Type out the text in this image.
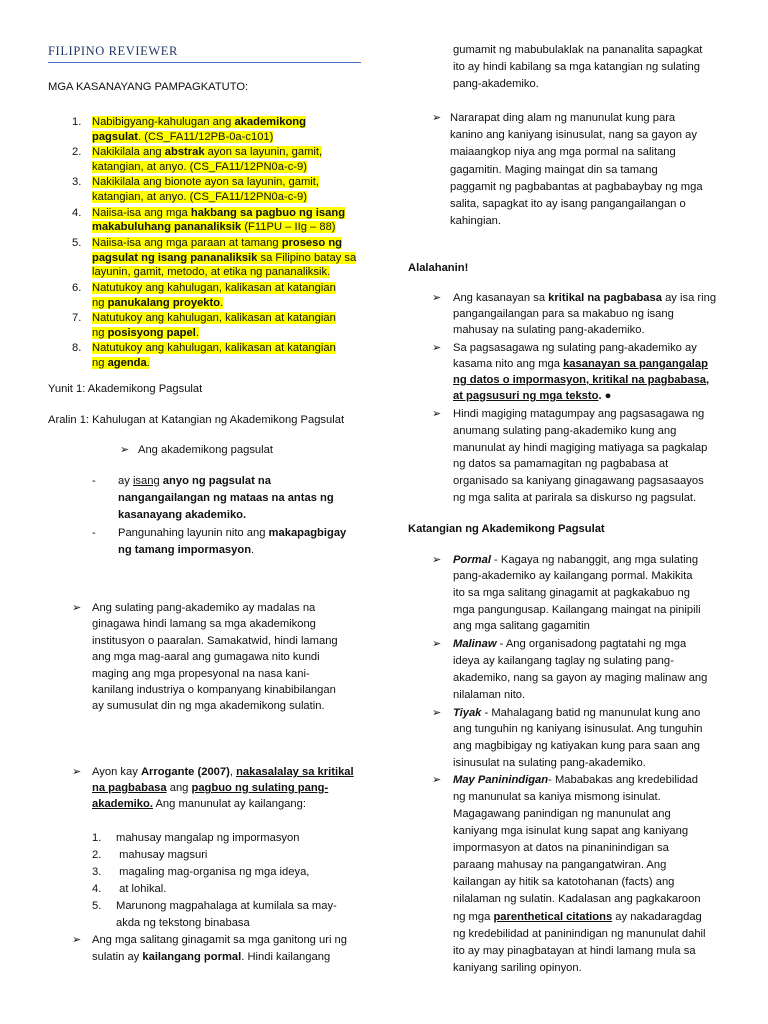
FILIPINO REVIEWER
MGA KASANAYANG PAMPAGKATUTO:
1. Nabibigyang-kahulugan ang akademikong
pagsulat. (CS_FA11/12PB-0a-c101)
2. Nakikilala ang abstrak ayon sa layunin, gamit,
katangian, at anyo. (CS_FA11/12PN0a-c-9)
3. Nakikilala ang bionote ayon sa layunin, gamit,
katangian, at anyo. (CS_FA11/12PN0a-c-9)
4. Naiisa-isa ang mga hakbang sa pagbuo ng isang
makabuluhang pananaliksik (F11PU – IIg – 88)
5. Naiisa-isa ang mga paraan at tamang proseso ng
pagsulat ng isang pananaliksik sa Filipino batay sa
layunin, gamit, metodo, at etika ng pananaliksik.
6. Natutukoy ang kahulugan, kalikasan at katangian
ng panukalang proyekto.
7. Natutukoy ang kahulugan, kalikasan at katangian
ng posisyong papel.
8. Natutukoy ang kahulugan, kalikasan at katangian
ng agenda.
Yunit 1: Akademikong Pagsulat
Aralin 1: Kahulugan at Katangian ng Akademikong Pagsulat
➢ Ang akademikong pagsulat
- ay isang anyo ng pagsulat na
nangangailangan ng mataas na antas ng
kasanayang akademiko.
- Pangunahing layunin nito ang makapagbigay
ng tamang impormasyon.
➢ Ang sulating pang-akademiko ay madalas na
ginagawa hindi lamang sa mga akademikong
institusyon o paaralan. Samakatwid, hindi lamang
ang mga mag-aaral ang gumagawa nito kundi
maging ang mga propesyonal na nasa kani-
kanilang industriya o kompanyang kinabibilangan
ay sumusulat din ng mga akademikong sulatin.
➢ Ayon kay Arrogante (2007), nakasalalay sa kritikal
na pagbabasa ang pagbuo ng sulating pang-
akademiko. Ang manunulat ay kailangang:
1. mahusay mangalap ng impormasyon
2. mahusay magsuri
3. magaling mag-organisa ng mga ideya,
4. at lohikal.
5. Marunong magpahalaga at kumilala sa may-
akda ng tekstong binabasa
➢ Ang mga salitang ginagamit sa mga ganitong uri ng
sulatin ay kailangang pormal. Hindi kailangang
gumamit ng mabubulaklak na pananalita sapagkat
ito ay hindi kabilang sa mga katangian ng sulating
pang-akademiko.
➢ Nararapat ding alam ng manunulat kung para
kanino ang kaniyang isinusulat, nang sa gayon ay
maiaangkop niya ang mga pormal na salitang
gagamitin. Maging maingat din sa tamang
paggamit ng pagbabantas at pagbabaybay ng mga
salita, sapagkat ito ay isang pangangailangan o
kahingian.
Alalahanin!
➢ Ang kasanayan sa kritikal na pagbabasa ay isa ring
pangangailangan para sa makabuo ng isang
mahusay na sulating pang-akademiko.
➢ Sa pagsasagawa ng sulating pang-akademiko ay
kasama nito ang mga kasanayan sa pangangalap
ng datos o impormasyon, kritikal na pagbabasa,
at pagsusuri ng mga teksto. ●
➢ Hindi magiging matagumpay ang pagsasagawa ng
anumang sulating pang-akademiko kung ang
manunulat ay hindi magiging matiyaga sa pagkalap
ng datos sa pamamagitan ng pagbabasa at
organisado sa kaniyang ginagawang pagsasaayos
ng mga salita at parirala sa diskurso ng pagsulat.
Katangian ng Akademikong Pagsulat
➢ Pormal - Kagaya ng nabanggit, ang mga sulating
pang-akademiko ay kailangang pormal. Makikita
ito sa mga salitang ginagamit at pagkakabuo ng
mga pangungusap. Kailangang maingat na pinipili
ang mga salitang gagamitin
➢ Malinaw - Ang organisadong pagtatahi ng mga
ideya ay kailangang taglay ng sulating pang-
akademiko, nang sa gayon ay maging malinaw ang
nilalaman nito.
➢ Tiyak - Mahalagang batid ng manunulat kung ano
ang tunguhin ng kaniyang isinusulat. Ang tunguhin
ang magbibigay ng katiyakan kung para saan ang
isinusulat na sulating pang-akademiko.
➢ May Paninindigan- Mababakas ang kredebilidad
ng manunulat sa kaniya mismong isinulat.
Magagawang panindigan ng manunulat ang
kaniyang mga isinulat kung sapat ang kaniyang
impormasyon at datos na pinaninindigan sa
paraang mahusay na pangangatwiran. Ang
kailangan ay hitik sa katotohanan (facts) ang
nilalaman ng sulatin. Kadalasan ang pagkakaroon
ng mga parenthetical citations ay nakadaragdag
ng kredebilidad at paninindigan ng manunulat dahil
ito ay may pinagbatayan at hindi lamang mula sa
kaniyang sariling opinyon.
